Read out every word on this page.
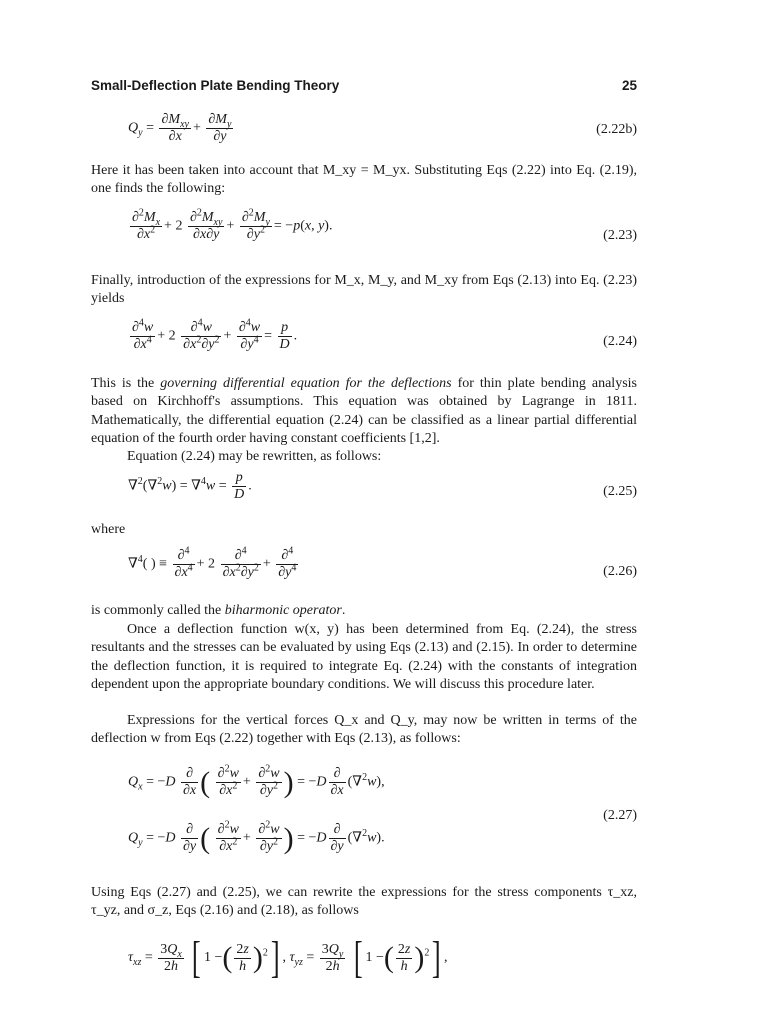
Small-Deflection Plate Bending Theory	25
$Q_y = \frac{\partial M_{xy}}{\partial x} + \frac{\partial M_y}{\partial y}$	(2.22b)
Here it has been taken into account that M_xy = M_yx. Substituting Eqs (2.22) into Eq. (2.19), one finds the following:
$\frac{\partial^2M_x}{\partial x^2} + 2 \frac{\partial^2M_{xy}}{\partial x\partial y} + \frac{\partial^2M_y}{\partial y^2} = -p(x$, y).
(2.23)
Finally, introduction of the expressions for M_x, M_y, and M_xy from Eqs (2.13) into Eq. (2.23) yields
$\frac{\partial^4w}{\partial x^4} + 2 \frac{\partial^4w}{\partial x^2\partial y^2} + \frac{\partial^4w}{\partial y^4} = \frac{p}{D}$ .	(2.24)
This is the governing differential equation for the deflections for thin plate bending analysis based on Kirchhoff's assumptions. This equation was obtained by Lagrange in 1811. Mathematically, the differential equation (2.24) can be classified as a linear partial differential equation of the fourth order having constant coefficients [1,2].
Equation (2.24) may be rewritten, as follows:
$\nabla^2(\nabla^2w) = \nabla^4w = \frac{p}{D}$ .	(2.25)
where
∇$^4$( ) ≡ $\frac{\partial^4}{\partial x^4} + 2 \frac{\partial^4}{\partial x^2\partial y^2} + \frac{\partial^4}{\partial y^4}$	(2.26)
is commonly called the biharmonic operator.
Once a deflection function w(x, y) has been determined from Eq. (2.24), the stress resultants and the stresses can be evaluated by using Eqs (2.13) and (2.15). In order to determine the deflection function, it is required to integrate Eq. (2.24) with the constants of integration dependent upon the appropriate boundary conditions. We will discuss this procedure later.
Expressions for the vertical forces Q_x and Q_y, may now be written in terms of the deflection w from Eqs (2.22) together with Eqs (2.13), as follows:
$Q_x = -D \frac{\partial}{\partial x}$ ( $\frac{\partial^2w}{\partial x^2} + \frac{\partial^2w}{\partial y^2}$ ) = $-D \frac{\partial}{\partial x} (\nabla^2w)$,
(2.27)
$Q_y = -D \frac{\partial}{\partial y}$ ( $\frac{\partial^2w}{\partial x^2} + \frac{\partial^2w}{\partial y^2}$ ) = $-D \frac{\partial}{\partial y} (\nabla^2w)$.
Using Eqs (2.27) and (2.25), we can rewrite the expressions for the stress components τ_xz, τ_yz, and σ_z, Eqs (2.16) and (2.18), as follows
$\tau_{xz} = \frac{3Q_x}{2h}$ [ 1 −( $\frac{2z}{h} )^2$] , $\tau_{yz} = \frac{3Q_y}{2h}$ [ 1 −( $\frac{2z}{h} )^2$] ,
